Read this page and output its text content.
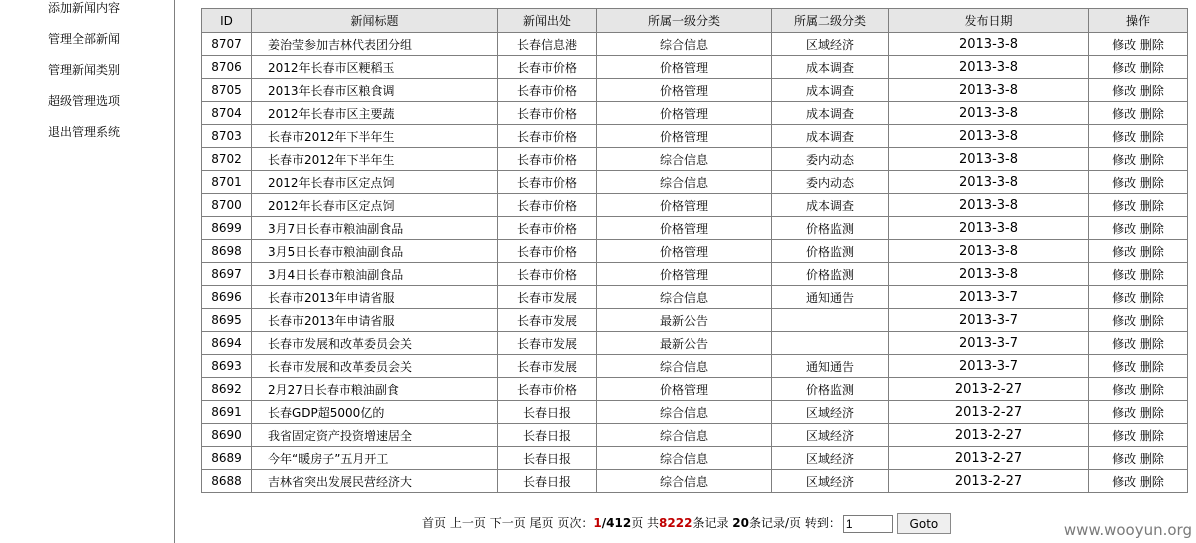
添加新闻内容
管理全部新闻
管理新闻类别
超级管理选项
退出管理系统
ID	新闻标题	新闻出处	所属一级分类	所属二级分类	发布日期	操作
8707	姜治莹参加吉林代表团分组	长春信息港	综合信息	区域经济	2013-3-8	修改 删除
8706	2012年长春市区粳稻玉	长春市价格	价格管理	成本调查	2013-3-8	修改 删除
8705	2013年长春市区粮食调	长春市价格	价格管理	成本调查	2013-3-8	修改 删除
8704	2012年长春市区主要蔬	长春市价格	价格管理	成本调查	2013-3-8	修改 删除
8703	长春市2012年下半年生	长春市价格	价格管理	成本调查	2013-3-8	修改 删除
8702	长春市2012年下半年生	长春市价格	综合信息	委内动态	2013-3-8	修改 删除
8701	2012年长春市区定点饲	长春市价格	综合信息	委内动态	2013-3-8	修改 删除
8700	2012年长春市区定点饲	长春市价格	价格管理	成本调查	2013-3-8	修改 删除
8699	3月7日长春市粮油副食品	长春市价格	价格管理	价格监测	2013-3-8	修改 删除
8698	3月5日长春市粮油副食品	长春市价格	价格管理	价格监测	2013-3-8	修改 删除
8697	3月4日长春市粮油副食品	长春市价格	价格管理	价格监测	2013-3-8	修改 删除
8696	长春市2013年申请省服	长春市发展	综合信息	通知通告	2013-3-7	修改 删除
8695	长春市2013年申请省服	长春市发展	最新公告		2013-3-7	修改 删除
8694	长春市发展和改革委员会关	长春市发展	最新公告		2013-3-7	修改 删除
8693	长春市发展和改革委员会关	长春市发展	综合信息	通知通告	2013-3-7	修改 删除
8692	2月27日长春市粮油副食	长春市价格	价格管理	价格监测	2013-2-27	修改 删除
8691	长春GDP超5000亿的	长春日报	综合信息	区域经济	2013-2-27	修改 删除
8690	我省固定资产投资增速居全	长春日报	综合信息	区域经济	2013-2-27	修改 删除
8689	今年“暖房子”五月开工	长春日报	综合信息	区域经济	2013-2-27	修改 删除
8688	吉林省突出发展民营经济大	长春日报	综合信息	区域经济	2013-2-27	修改 删除
首页 上一页 下一页 尾页 页次：1/412页 共8222条记录 20条记录/页 转到：1	Goto	www.wooyun.org
